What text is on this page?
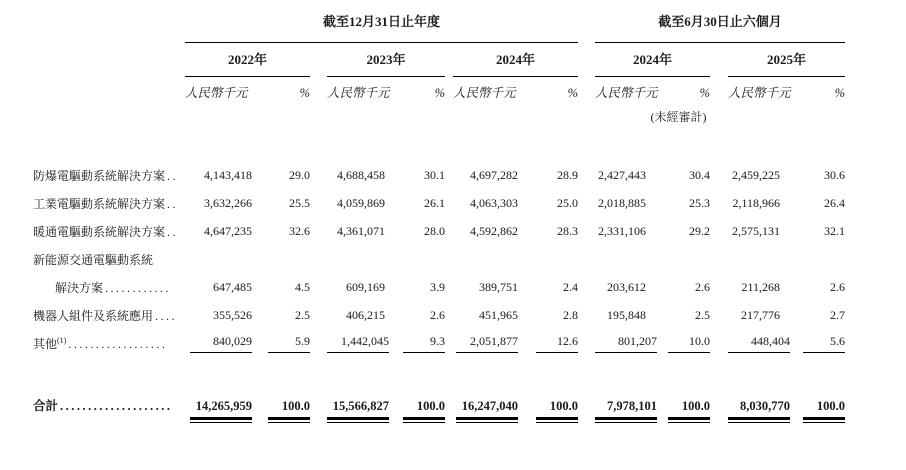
	截至12月31日止年度									截至6月30日止六個月				
	2022年			2023年			2024年			2024年			2025年	
	人民幣千元	%		人民幣千元	%		人民幣千元	%		人民幣千元	%		人民幣千元	%
										(未經審計)				

防爆電驅動系統解決方案 ..	4,143,418	29.0		4,688,458	30.1		4,697,282	28.9		2,427,443	30.4		2,459,225	30.6
工業電驅動系統解決方案 ..	3,632,266	25.5		4,059,869	26.1		4,063,303	25.0		2,018,885	25.3		2,118,966	26.4
暖通電驅動系統解決方案 ..	4,647,235	32.6		4,361,071	28.0		4,592,862	28.3		2,331,106	29.2		2,575,131	32.1
新能源交通電驅動系統														
解決方案 ............	647,485	4.5		609,169	3.9		389,751	2.4		203,612	2.6		211,268	2.6
機器人組件及系統應用 ....	355,526	2.5		406,215	2.6		451,965	2.8		195,848	2.5		217,776	2.7
其他$^{(1)}$ ..................	840,029	5.9		1,442,045	9.3		2,051,877	12.6		801,207	10.0		448,404	5.6

合計 ....................	14,265,959	100.0		15,566,827	100.0		16,247,040	100.0		7,978,101	100.0		8,030,770	100.0
